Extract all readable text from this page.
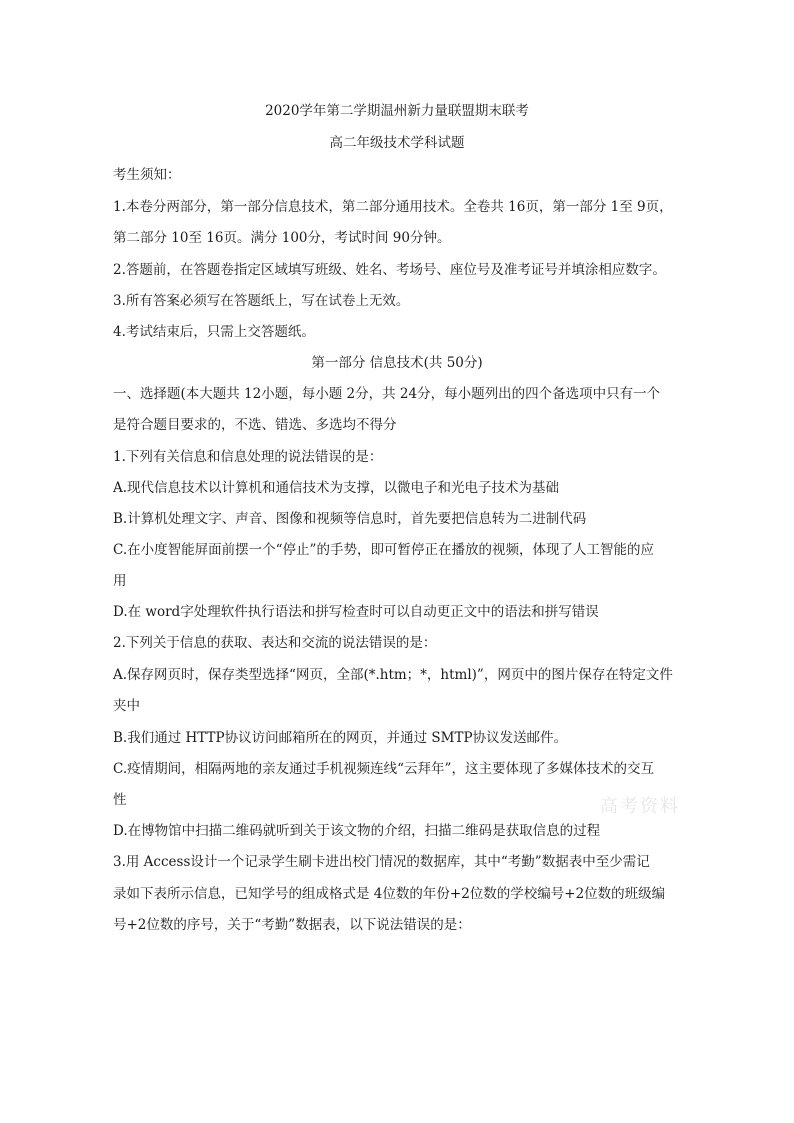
2020学年第二学期温州新力量联盟期末联考
高二年级技术学科试题
考生须知：
1.本卷分两部分，第一部分信息技术，第二部分通用技术。全卷共 16页，第一部分 1至 9页，
第二部分 10至 16页。满分 100分，考试时间 90分钟。
2.答题前，在答题卷指定区域填写班级、姓名、考场号、座位号及准考证号并填涂相应数字。
3.所有答案必须写在答题纸上，写在试卷上无效。
4.考试结束后，只需上交答题纸。
第一部分 信息技术(共 50分)
一、选择题(本大题共 12小题，每小题 2分，共 24分，每小题列出的四个备选项中只有一个
是符合题目要求的，不选、错选、多选均不得分
1.下列有关信息和信息处理的说法错误的是：
A.现代信息技术以计算机和通信技术为支撑，以微电子和光电子技术为基础
B.计算机处理文字、声音、图像和视频等信息时，首先要把信息转为二进制代码
C.在小度智能屏面前摆一个“停止”的手势，即可暂停正在播放的视频，体现了人工智能的应
用
D.在 word字处理软件执行语法和拼写检查时可以自动更正文中的语法和拼写错误
2.下列关于信息的获取、表达和交流的说法错误的是：
A.保存网页时，保存类型选择“网页，全部(*.htm；*，html)”，网页中的图片保存在特定文件
夹中
B.我们通过 HTTP协议访问邮箱所在的网页，并通过 SMTP协议发送邮件。
C.疫情期间，相隔两地的亲友通过手机视频连线“云拜年”，这主要体现了多媒体技术的交互
性
D.在博物馆中扫描二维码就听到关于该文物的介绍，扫描二维码是获取信息的过程
3.用 Access设计一个记录学生刷卡进出校门情况的数据库，其中“考勤”数据表中至少需记
录如下表所示信息，已知学号的组成格式是 4位数的年份+2位数的学校编号+2位数的班级编
号+2位数的序号，关于“考勤”数据表，以下说法错误的是：
高考资料
